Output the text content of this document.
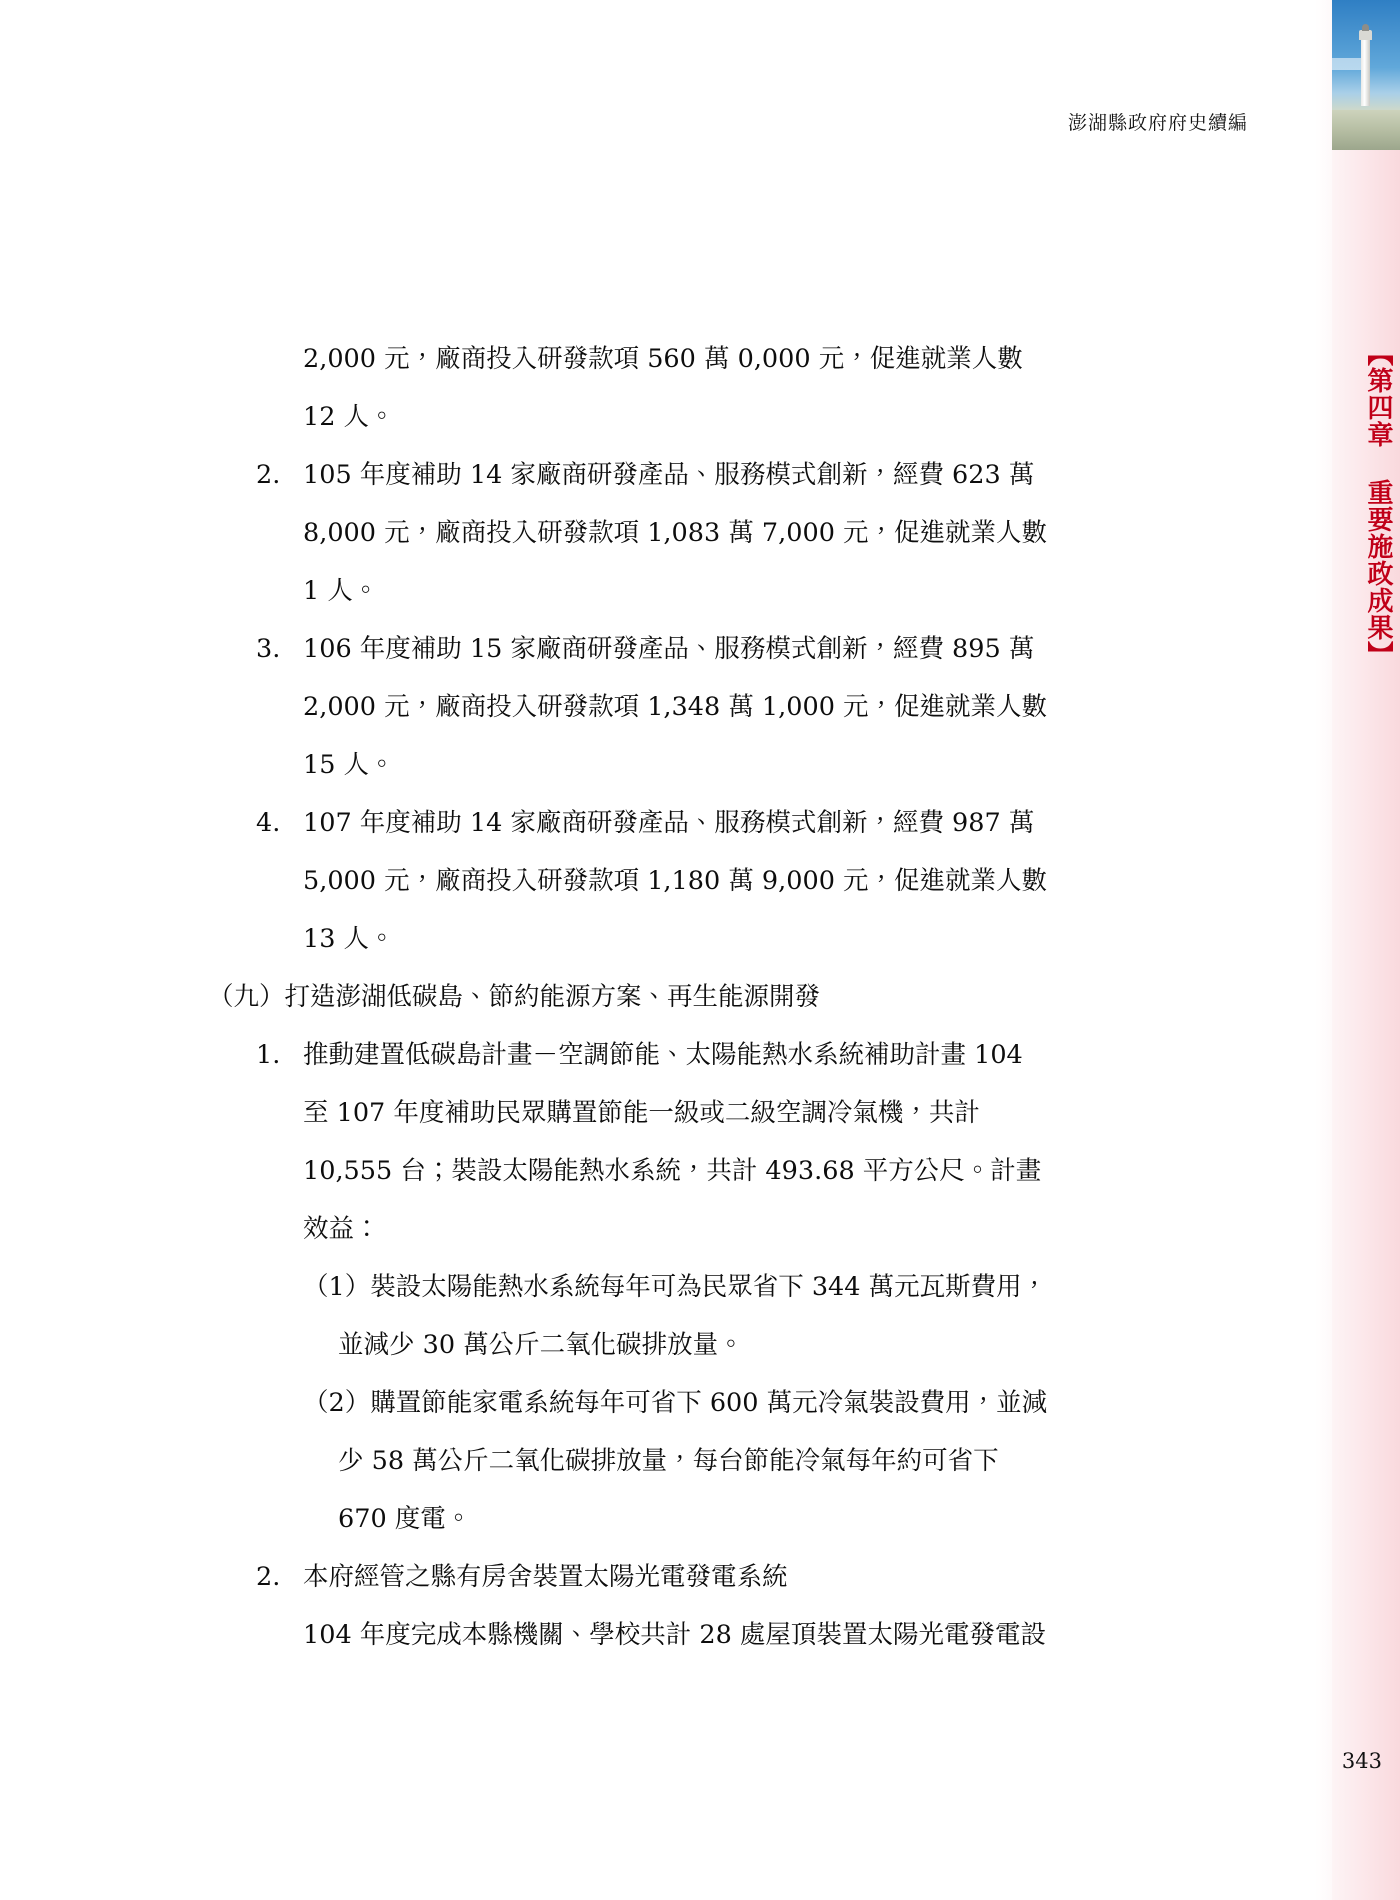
【第四章 重要施政成果】
澎湖縣政府府史續編

2,000 元，廠商投入研發款項 560 萬 0,000 元，促進就業人數

12 人。

2. 105 年度補助 14 家廠商研發產品、服務模式創新，經費 623 萬

8,000 元，廠商投入研發款項 1,083 萬 7,000 元，促進就業人數

1 人。

3. 106 年度補助 15 家廠商研發產品、服務模式創新，經費 895 萬

2,000 元，廠商投入研發款項 1,348 萬 1,000 元，促進就業人數

15 人。

4. 107 年度補助 14 家廠商研發產品、服務模式創新，經費 987 萬

5,000 元，廠商投入研發款項 1,180 萬 9,000 元，促進就業人數

13 人。

（九）打造澎湖低碳島、節約能源方案、再生能源開發

1. 推動建置低碳島計畫－空調節能、太陽能熱水系統補助計畫 104

至 107 年度補助民眾購置節能一級或二級空調冷氣機，共計

10,555 台；裝設太陽能熱水系統，共計 493.68 平方公尺。計畫

效益：

（1）裝設太陽能熱水系統每年可為民眾省下 344 萬元瓦斯費用，

並減少 30 萬公斤二氧化碳排放量。

（2）購置節能家電系統每年可省下 600 萬元冷氣裝設費用，並減

少 58 萬公斤二氧化碳排放量，每台節能冷氣每年約可省下

670 度電。

2. 本府經管之縣有房舍裝置太陽光電發電系統

104 年度完成本縣機關、學校共計 28 處屋頂裝置太陽光電發電設

343
